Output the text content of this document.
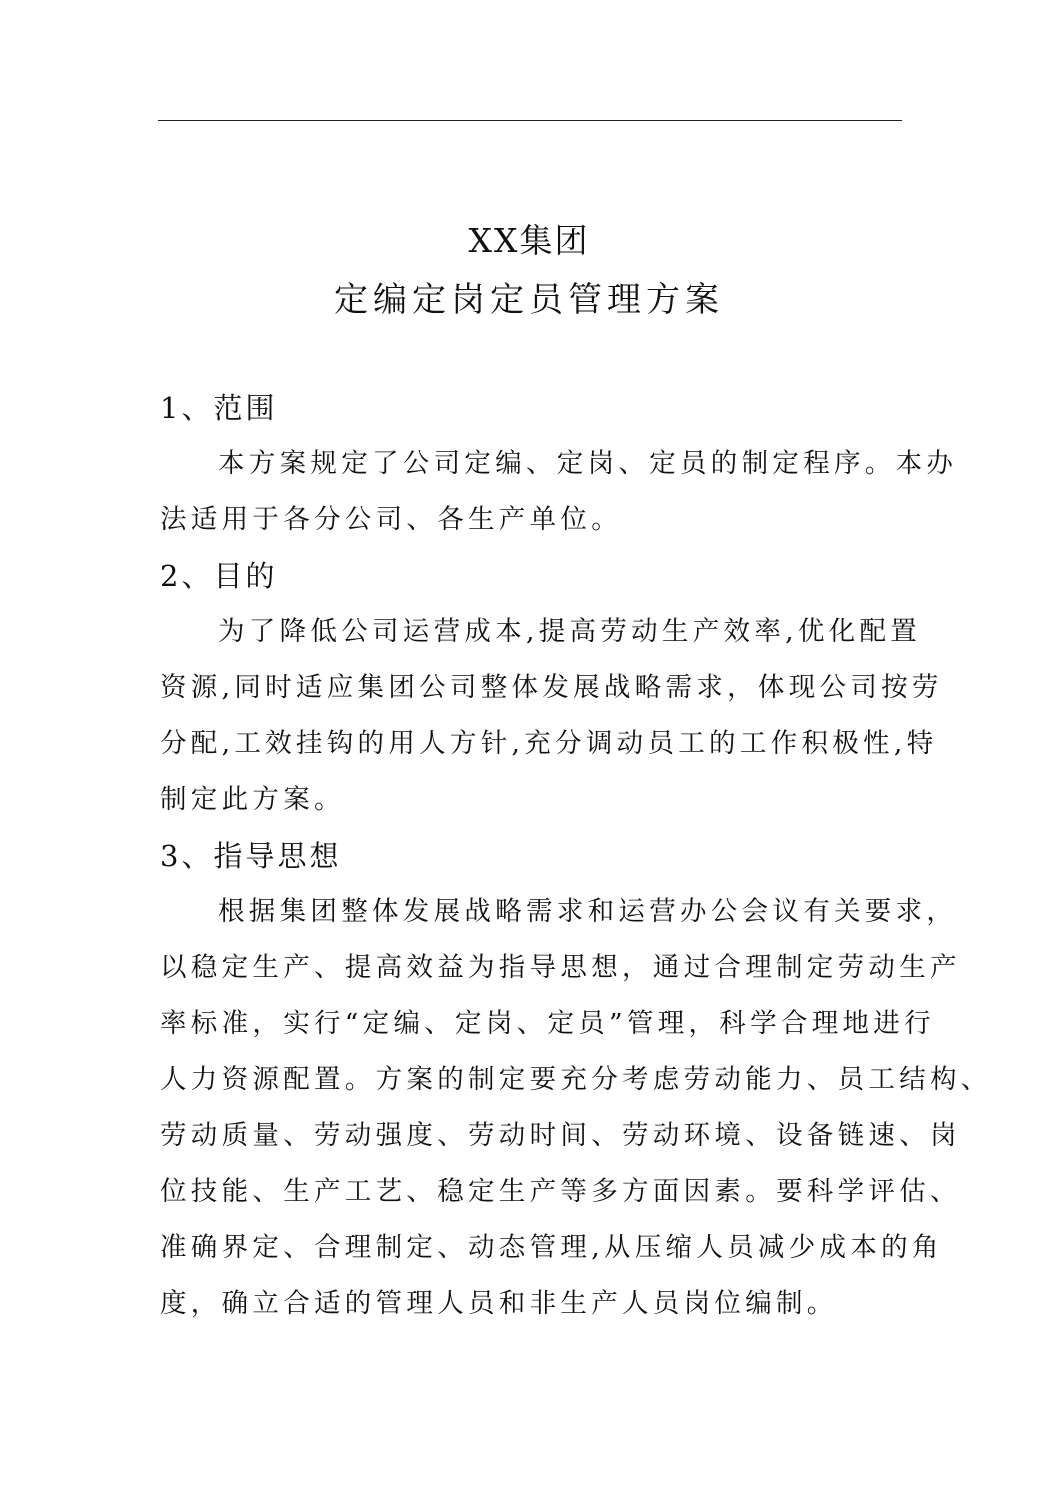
XX集团
定编定岗定员管理方案
1、范围
本方案规定了公司定编、定岗、定员的制定程序。本办
法适用于各分公司、各生产单位。
2、目的
为了降低公司运营成本,提高劳动生产效率,优化配置
资源,同时适应集团公司整体发展战略需求，体现公司按劳
分配,工效挂钩的用人方针,充分调动员工的工作积极性,特
制定此方案。
3、指导思想
根据集团整体发展战略需求和运营办公会议有关要求，
以稳定生产、提高效益为指导思想，通过合理制定劳动生产
率标准，实行“定编、定岗、定员”管理，科学合理地进行
人力资源配置。方案的制定要充分考虑劳动能力、员工结构、
劳动质量、劳动强度、劳动时间、劳动环境、设备链速、岗
位技能、生产工艺、稳定生产等多方面因素。要科学评估、
准确界定、合理制定、动态管理,从压缩人员减少成本的角
度，确立合适的管理人员和非生产人员岗位编制。
